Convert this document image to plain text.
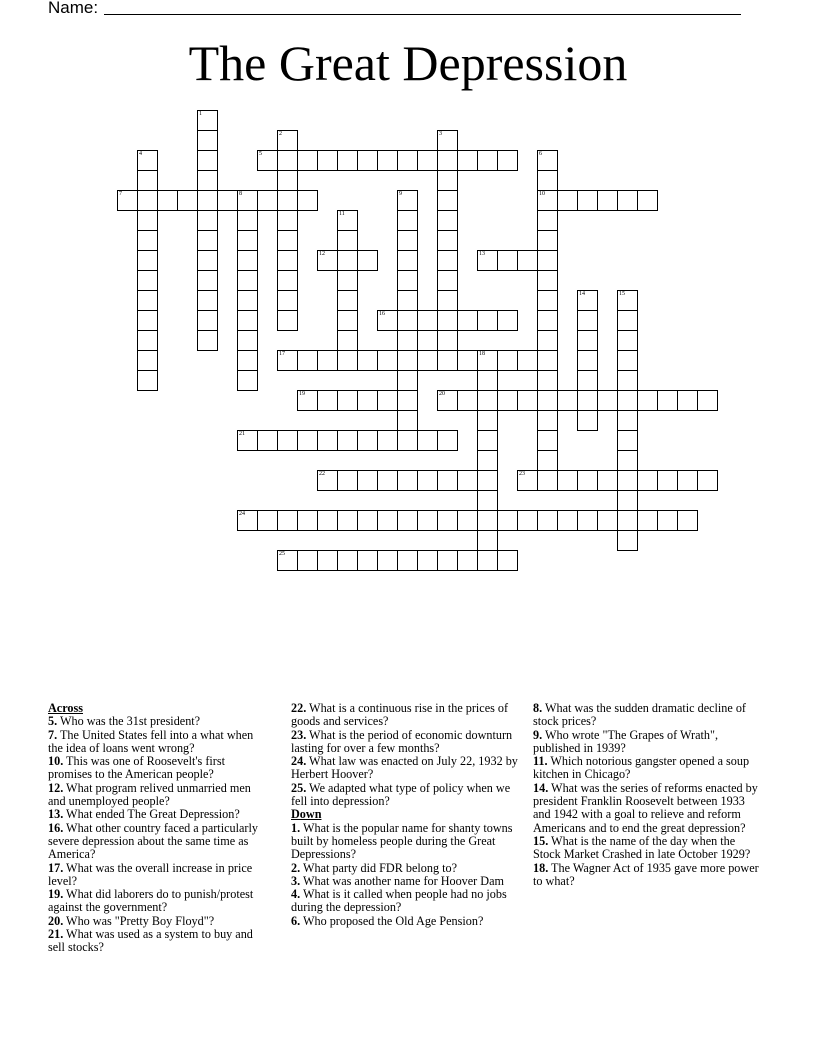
Name:
The Great Depression
1
2	3
4	5	6
10
7	8	9
11
12	13
14	15
16
17	18
19	20
21
22	23
24
25

Across

5. Who was the 31st president?

7. The United States fell into a what when the idea of loans went wrong?

10. This was one of Roosevelt's first promises to the American people?

12. What program relived unmarried men and unemployed people?

13. What ended The Great Depression?

16. What other country faced a particularly severe depression about the same time as America?

17. What was the overall increase in price level?

19. What did laborers do to punish/protest against the government?

20. Who was "Pretty Boy Floyd"?

21. What was used as a system to buy and sell stocks?

22. What is a continuous rise in the prices of goods and services?

23. What is the period of economic downturn lasting for over a few months?

24. What law was enacted on July 22, 1932 by Herbert Hoover?

25. We adapted what type of policy when we fell into depression?

Down

1. What is the popular name for shanty towns built by homeless people during the Great Depressions?

2. What party did FDR belong to?

3. What was another name for Hoover Dam

4. What is it called when people had no jobs during the depression?

6. Who proposed the Old Age Pension?

8. What was the sudden dramatic decline of stock prices?

9. Who wrote "The Grapes of Wrath", published in 1939?

11. Which notorious gangster opened a soup kitchen in Chicago?

14. What was the series of reforms enacted by president Franklin Roosevelt between 1933 and 1942 with a goal to relieve and reform Americans and to end the great depression?

15. What is the name of the day when the Stock Market Crashed in late October 1929?

18. The Wagner Act of 1935 gave more power to what?
